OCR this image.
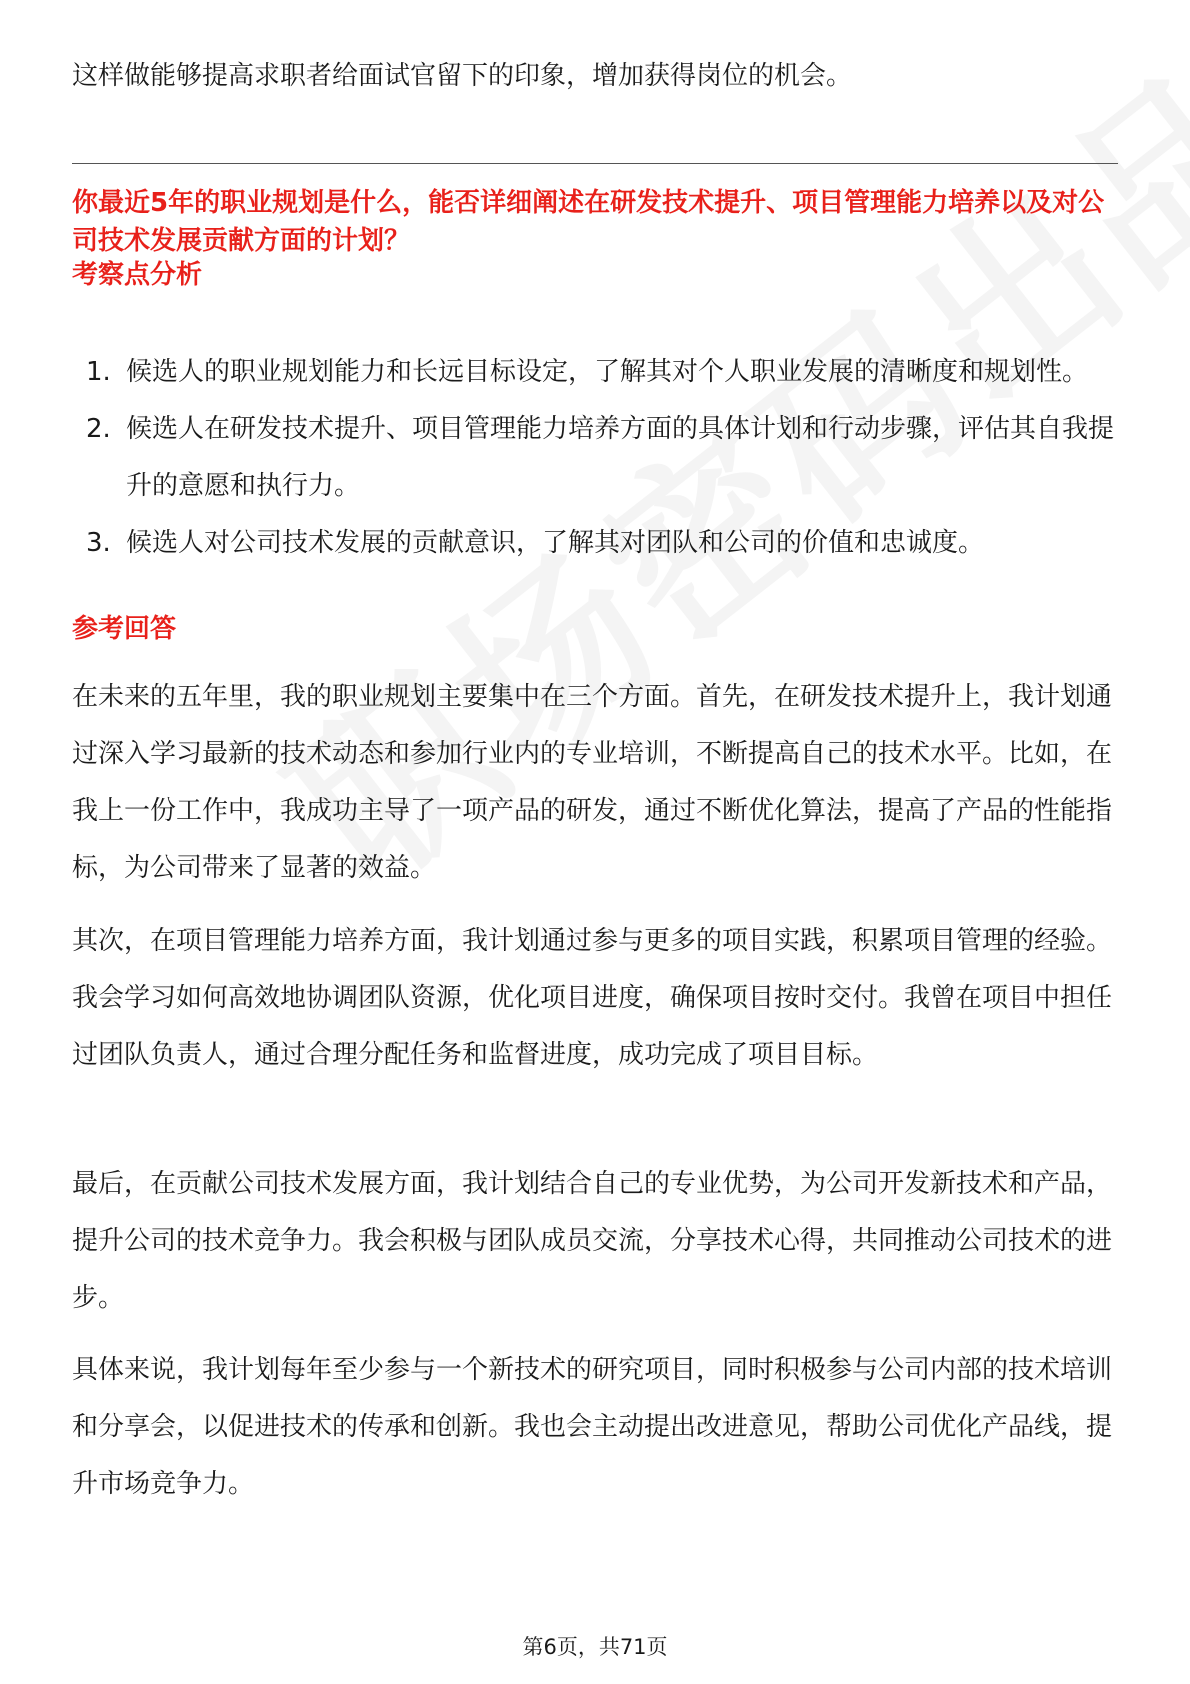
这样做能够提高求职者给面试官留下的印象，增加获得岗位的机会。

你最近5年的职业规划是什么，能否详细阐述在研发技术提升、项目管理能力培养以及对公司技术发展贡献方面的计划？

考察点分析

1. 候选人的职业规划能力和长远目标设定，了解其对个人职业发展的清晰度和规划性。
2. 候选人在研发技术提升、项目管理能力培养方面的具体计划和行动步骤，评估其自我提升的意愿和执行力。
3. 候选人对公司技术发展的贡献意识，了解其对团队和公司的价值和忠诚度。

参考回答

在未来的五年里，我的职业规划主要集中在三个方面。首先，在研发技术提升上，我计划通过深入学习最新的技术动态和参加行业内的专业培训，不断提高自己的技术水平。比如，在我上一份工作中，我成功主导了一项产品的研发，通过不断优化算法，提高了产品的性能指标，为公司带来了显著的效益。

其次，在项目管理能力培养方面，我计划通过参与更多的项目实践，积累项目管理的经验。我会学习如何高效地协调团队资源，优化项目进度，确保项目按时交付。我曾在项目中担任过团队负责人，通过合理分配任务和监督进度，成功完成了项目目标。

最后，在贡献公司技术发展方面，我计划结合自己的专业优势，为公司开发新技术和产品，提升公司的技术竞争力。我会积极与团队成员交流，分享技术心得，共同推动公司技术的进步。

具体来说，我计划每年至少参与一个新技术的研究项目，同时积极参与公司内部的技术培训和分享会，以促进技术的传承和创新。我也会主动提出改进意见，帮助公司优化产品线，提升市场竞争力。

第6页，共71页
